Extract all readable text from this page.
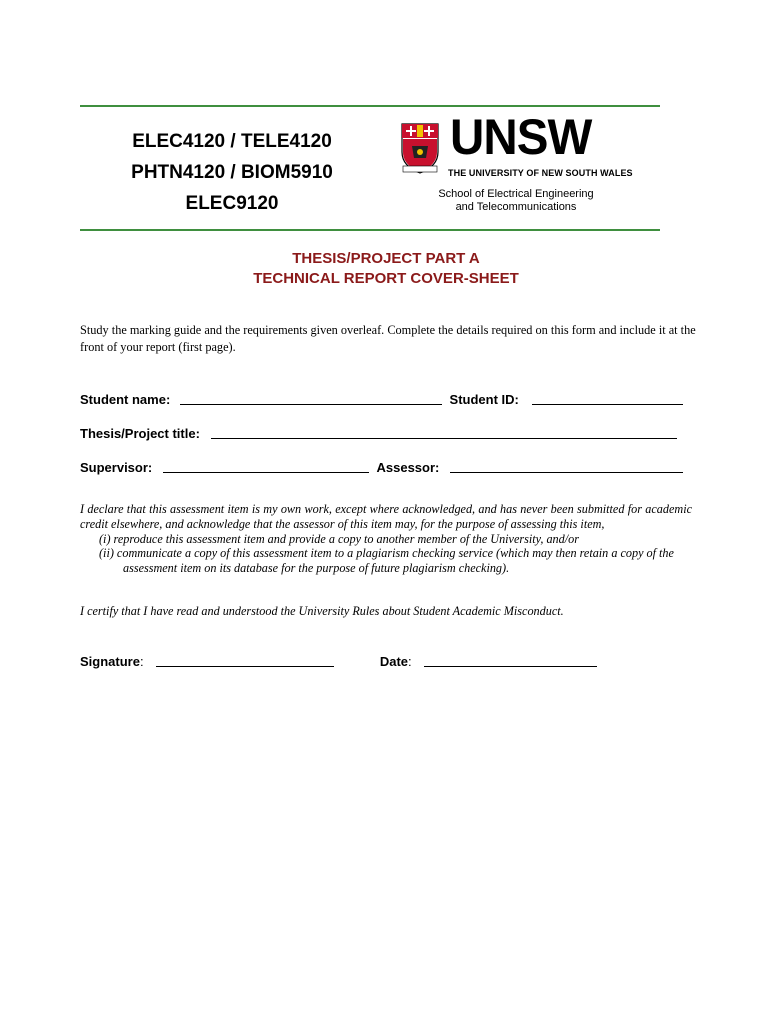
ELEC4120 / TELE4120
PHTN4120 / BIOM5910
ELEC9120
UNSW
THE UNIVERSITY OF NEW SOUTH WALES
School of Electrical Engineering
and Telecommunications
THESIS/PROJECT PART A
TECHNICAL REPORT COVER-SHEET
Study the marking guide and the requirements given overleaf. Complete the details required on this form and include it at the front of your report (first page).
Student name:	Student ID:
Thesis/Project title:
Supervisor:	Assessor:

I declare that this assessment item is my own work, except where acknowledged, and has never been submitted for academic credit elsewhere, and acknowledge that the assessor of this item may, for the purpose of assessing this item,

(i) reproduce this assessment item and provide a copy to another member of the University, and/or

(ii) communicate a copy of this assessment item to a plagiarism checking service (which may then retain a copy of the assessment item on its database for the purpose of future plagiarism checking).

I certify that I have read and understood the University Rules about Student Academic Misconduct.
Signature:	Date:
